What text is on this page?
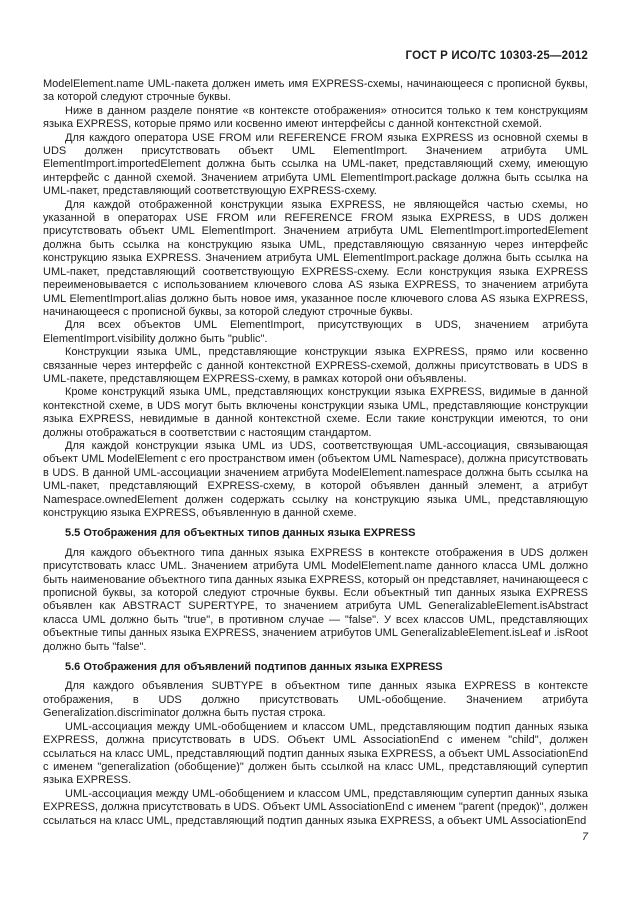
ГОСТ Р ИСО/ТС 10303-25—2012

ModelElement.name UML-пакета должен иметь имя EXPRESS-схемы, начинающееся с прописной буквы, за которой следуют строчные буквы.

Ниже в данном разделе понятие «в контексте отображения» относится только к тем конструкциям языка EXPRESS, которые прямо или косвенно имеют интерфейсы с данной контекстной схемой.

Для каждого оператора USE FROM или REFERENCE FROM языка EXPRESS из основной схемы в UDS должен присутствовать объект UML ElementImport. Значением атрибута UML ElementImport.importedElement должна быть ссылка на UML-пакет, представляющий схему, имеющую интерфейс с данной схемой. Значением атрибута UML ElementImport.package должна быть ссылка на UML-пакет, представляющий соответствующую EXPRESS-схему.

Для каждой отображенной конструкции языка EXPRESS, не являющейся частью схемы, но указанной в операторах USE FROM или REFERENCE FROM языка EXPRESS, в UDS должен присутствовать объект UML ElementImport. Значением атрибута UML ElementImport.importedElement должна быть ссылка на конструкцию языка UML, представляющую связанную через интерфейс конструкцию языка EXPRESS. Значением атрибута UML ElementImport.package должна быть ссылка на UML-пакет, представляющий соответствующую EXPRESS-схему. Если конструкция языка EXPRESS переименовывается с использованием ключевого слова AS языка EXPRESS, то значением атрибута UML ElementImport.alias должно быть новое имя, указанное после ключевого слова AS языка EXPRESS, начинающееся с прописной буквы, за которой следуют строчные буквы.

Для всех объектов UML ElementImport, присутствующих в UDS, значением атрибута ElementImport.visibility должно быть "public".

Конструкции языка UML, представляющие конструкции языка EXPRESS, прямо или косвенно связанные через интерфейс с данной контекстной EXPRESS-схемой, должны присутствовать в UDS в UML-пакете, представляющем EXPRESS-схему, в рамках которой они объявлены.

Кроме конструкций языка UML, представляющих конструкции языка EXPRESS, видимые в данной контекстной схеме, в UDS могут быть включены конструкции языка UML, представляющие конструкции языка EXPRESS, невидимые в данной контекстной схеме. Если такие конструкции имеются, то они должны отображаться в соответствии с настоящим стандартом.

Для каждой конструкции языка UML из UDS, соответствующая UML-ассоциация, связывающая объект UML ModelElement с его пространством имен (объектом UML Namespace), должна присутствовать в UDS. В данной UML-ассоциации значением атрибута ModelElement.namespace должна быть ссылка на UML-пакет, представляющий EXPRESS-схему, в которой объявлен данный элемент, а атрибут Namespace.ownedElement должен содержать ссылку на конструкцию языка UML, представляющую конструкцию языка EXPRESS, объявленную в данной схеме.

5.5 Отображения для объектных типов данных языка EXPRESS

Для каждого объектного типа данных языка EXPRESS в контексте отображения в UDS должен присутствовать класс UML. Значением атрибута UML ModelElement.name данного класса UML должно быть наименование объектного типа данных языка EXPRESS, который он представляет, начинающееся с прописной буквы, за которой следуют строчные буквы. Если объектный тип данных языка EXPRESS объявлен как ABSTRACT SUPERTYPE, то значением атрибута UML GeneralizableElement.isAbstract класса UML должно быть "true", в противном случае — "false". У всех классов UML, представляющих объектные типы данных языка EXPRESS, значением атрибутов UML GeneralizableElement.isLeaf и .isRoot должно быть "false".

5.6 Отображения для объявлений подтипов данных языка EXPRESS

Для каждого объявления SUBTYPE в объектном типе данных языка EXPRESS в контексте отображения, в UDS должно присутствовать UML-обобщение. Значением атрибута Generalization.discriminator должна быть пустая строка.

UML-ассоциация между UML-обобщением и классом UML, представляющим подтип данных языка EXPRESS, должна присутствовать в UDS. Объект UML AssociationEnd с именем "child", должен ссылаться на класс UML, представляющий подтип данных языка EXPRESS, а объект UML AssociationEnd с именем "generalization (обобщение)" должен быть ссылкой на класс UML, представляющий супертип языка EXPRESS.

UML-ассоциация между UML-обобщением и классом UML, представляющим супертип данных языка EXPRESS, должна присутствовать в UDS. Объект UML AssociationEnd с именем "parent (предок)", должен ссылаться на класс UML, представляющий подтип данных языка EXPRESS, а объект UML AssociationEnd

7
